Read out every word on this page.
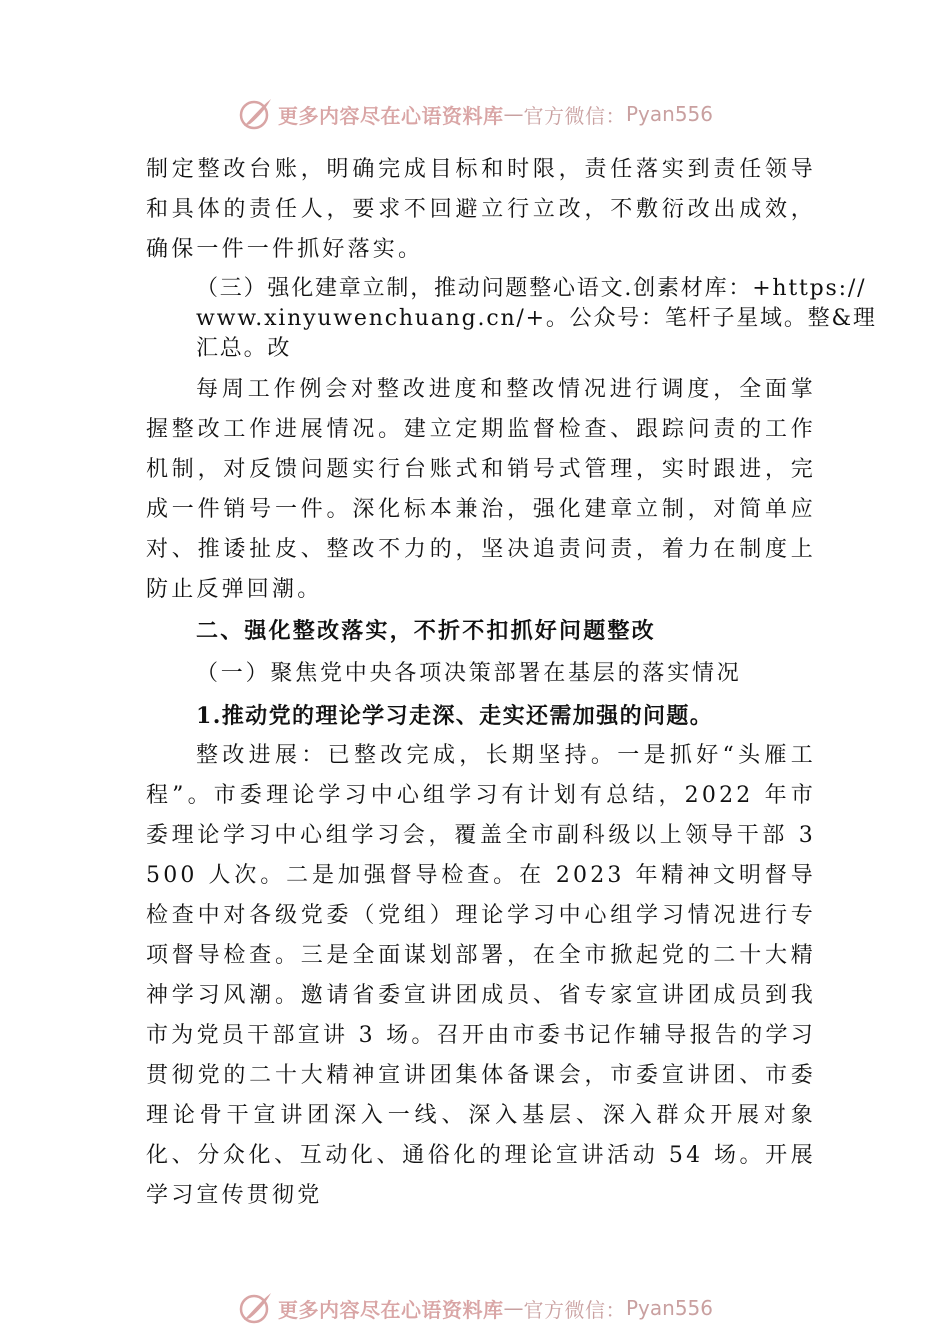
更多内容尽在心语资料库 — 官方微信： Pyan556

制定整改台账，明确完成目标和时限，责任落实到责任领导和具体的责任人，要求不回避立行立改，不敷衍改出成效， 确保一件一件抓好落实。

（三）强化建章立制，推动问题整心语文.创素材库：+https://www.xinyuwenchuang.cn/+。公众号：笔杆子星域。整&理汇总。改

每周工作例会对整改进度和整改情况进行调度，全面掌握整改工作进展情况。建立定期监督检查、跟踪问责的工作机制，对反馈问题实行台账式和销号式管理，实时跟进，完成一件销号一件。深化标本兼治，强化建章立制，对简单应对、推诿扯皮、整改不力的，坚决追责问责，着力在制度上防止反弹回潮。

二、强化整改落实，不折不扣抓好问题整改

（一）聚焦党中央各项决策部署在基层的落实情况

1.推动党的理论学习走深、走实还需加强的问题。

整改进展：已整改完成，长期坚持。一是抓好“头雁工程”。市委理论学习中心组学习有计划有总结，2022 年市委理论学习中心组学习会，覆盖全市副科级以上领导干部 3500 人次。二是加强督导检查。在 2023 年精神文明督导检查中对各级党委（党组）理论学习中心组学习情况进行专项督导检查。三是全面谋划部署，在全市掀起党的二十大精神学习风潮。邀请省委宣讲团成员、省专家宣讲团成员到我市为党员干部宣讲 3 场。召开由市委书记作辅导报告的学习贯彻党的二十大精神宣讲团集体备课会，市委宣讲团、市委理论骨干宣讲团深入一线、深入基层、深入群众开展对象化、分众化、互动化、通俗化的理论宣讲活动 54 场。开展学习宣传贯彻党

更多内容尽在心语资料库 — 官方微信： Pyan556
